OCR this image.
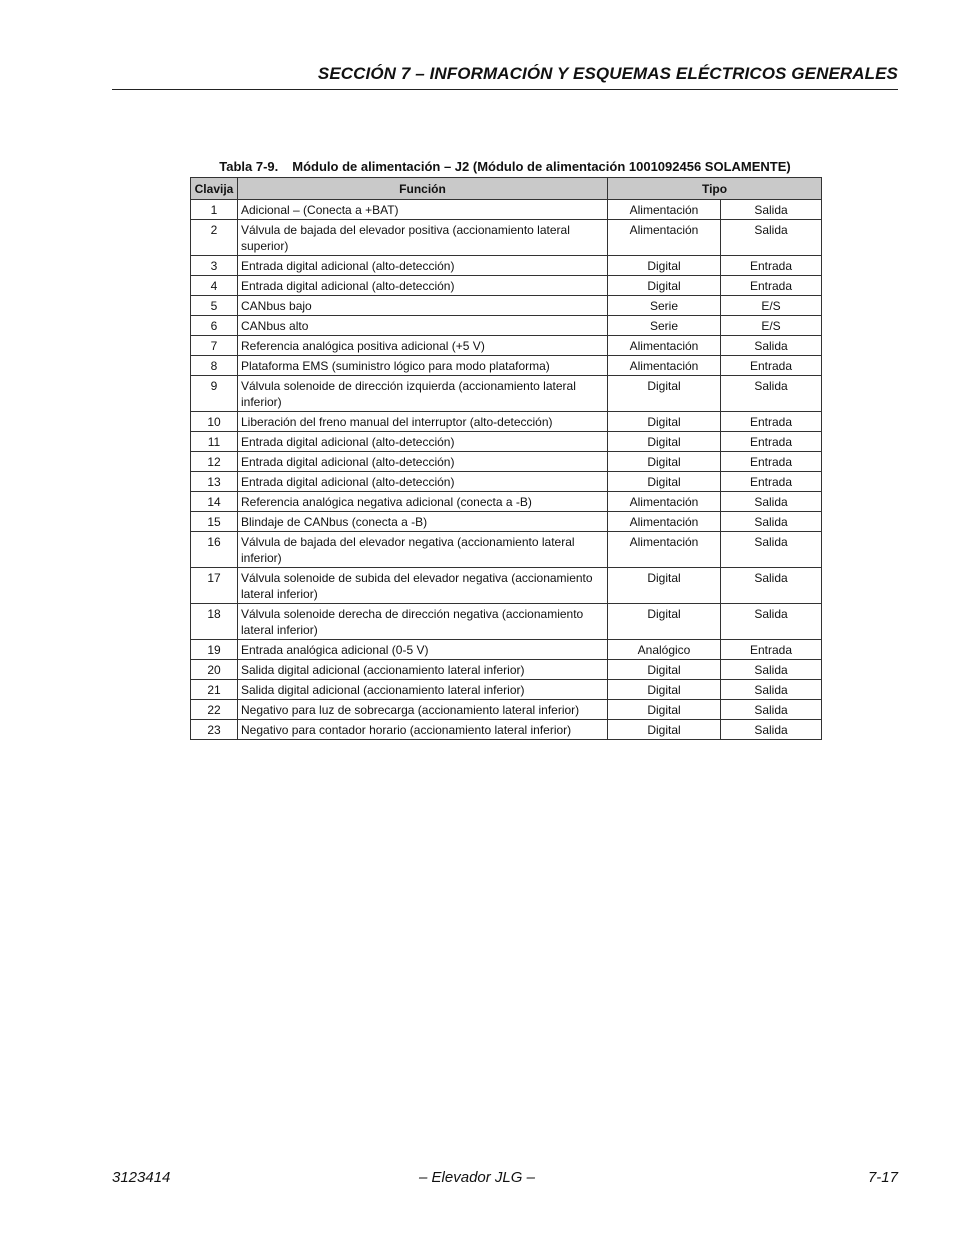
SECCIÓN 7 – INFORMACIÓN Y ESQUEMAS ELÉCTRICOS GENERALES
Tabla 7-9. Módulo de alimentación – J2 (Módulo de alimentación 1001092456 SOLAMENTE)
Clavija	Función	Tipo	
1	Adicional – (Conecta a +BAT)	Alimentación	Salida
2	Válvula de bajada del elevador positiva (accionamiento lateral superior)	Alimentación	Salida
3	Entrada digital adicional (alto-detección)	Digital	Entrada
4	Entrada digital adicional (alto-detección)	Digital	Entrada
5	CANbus bajo	Serie	E/S
6	CANbus alto	Serie	E/S
7	Referencia analógica positiva adicional (+5 V)	Alimentación	Salida
8	Plataforma EMS (suministro lógico para modo plataforma)	Alimentación	Entrada
9	Válvula solenoide de dirección izquierda (accionamiento lateral inferior)	Digital	Salida
10	Liberación del freno manual del interruptor (alto-detección)	Digital	Entrada
11	Entrada digital adicional (alto-detección)	Digital	Entrada
12	Entrada digital adicional (alto-detección)	Digital	Entrada
13	Entrada digital adicional (alto-detección)	Digital	Entrada
14	Referencia analógica negativa adicional (conecta a -B)	Alimentación	Salida
15	Blindaje de CANbus (conecta a -B)	Alimentación	Salida
16	Válvula de bajada del elevador negativa (accionamiento lateral inferior)	Alimentación	Salida
17	Válvula solenoide de subida del elevador negativa (accionamiento lateral inferior)	Digital	Salida
18	Válvula solenoide derecha de dirección negativa (accionamiento lateral inferior)	Digital	Salida
19	Entrada analógica adicional (0-5 V)	Analógico	Entrada
20	Salida digital adicional (accionamiento lateral inferior)	Digital	Salida
21	Salida digital adicional (accionamiento lateral inferior)	Digital	Salida
22	Negativo para luz de sobrecarga (accionamiento lateral inferior)	Digital	Salida
23	Negativo para contador horario (accionamiento lateral inferior)	Digital	Salida
3123414	– Elevador JLG –	7-17
